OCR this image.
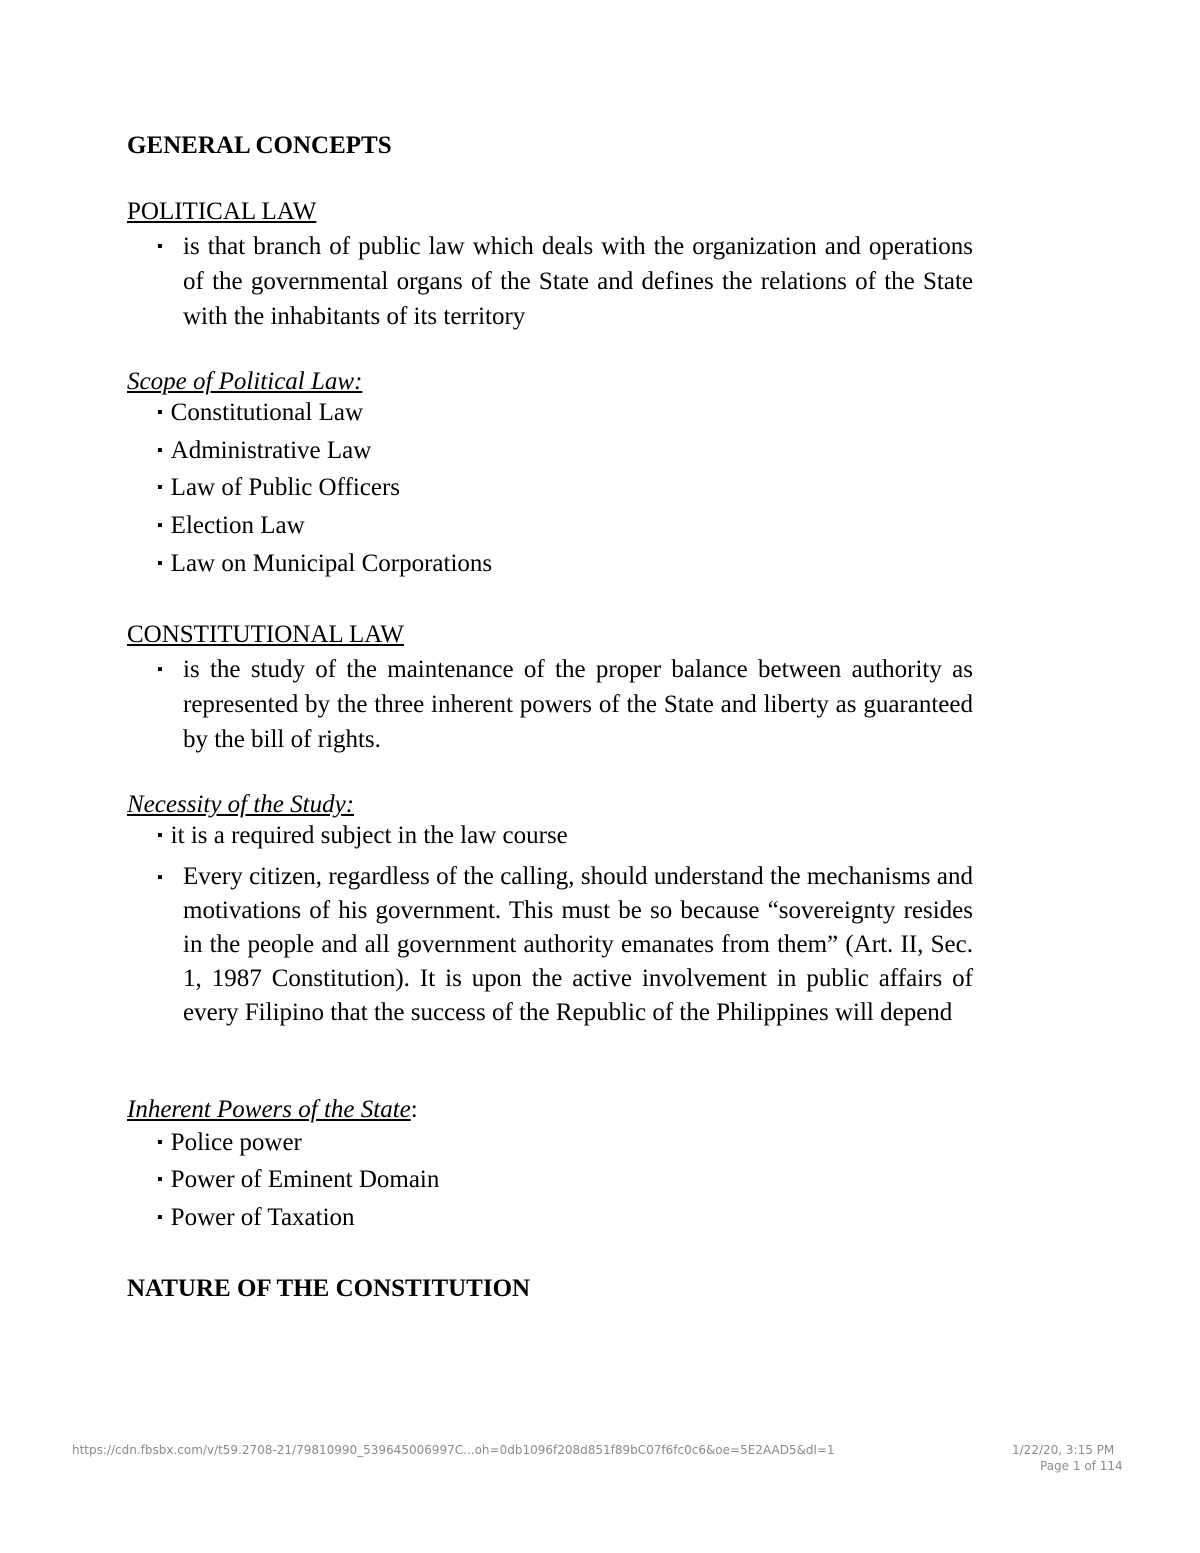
GENERAL CONCEPTS
POLITICAL LAW
▪ is that branch of public law which deals with the organization and operations of the governmental organs of the State and defines the relations of the State with the inhabitants of its territory
Scope of Political Law:
▪ Constitutional Law
▪ Administrative Law
▪ Law of Public Officers
▪ Election Law
▪ Law on Municipal Corporations
CONSTITUTIONAL LAW
▪ is the study of the maintenance of the proper balance between authority as represented by the three inherent powers of the State and liberty as guaranteed by the bill of rights.
Necessity of the Study:
▪ it is a required subject in the law course
▪ Every citizen, regardless of the calling, should understand the mechanisms and motivations of his government. This must be so because “sovereignty resides in the people and all government authority emanates from them” (Art. II, Sec. 1, 1987 Constitution). It is upon the active involvement in public affairs of every Filipino that the success of the Republic of the Philippines will depend
Inherent Powers of the State:
▪ Police power
▪ Power of Eminent Domain
▪ Power of Taxation
NATURE OF THE CONSTITUTION
https://cdn.fbsbx.com/v/t59.2708-21/79810990_539645006997C...oh=0db1096f208d851f89bC07f6fc0c6&oe=5E2AAD5&dl=1	1/22/20, 3:15 PM
Page 1 of 114
